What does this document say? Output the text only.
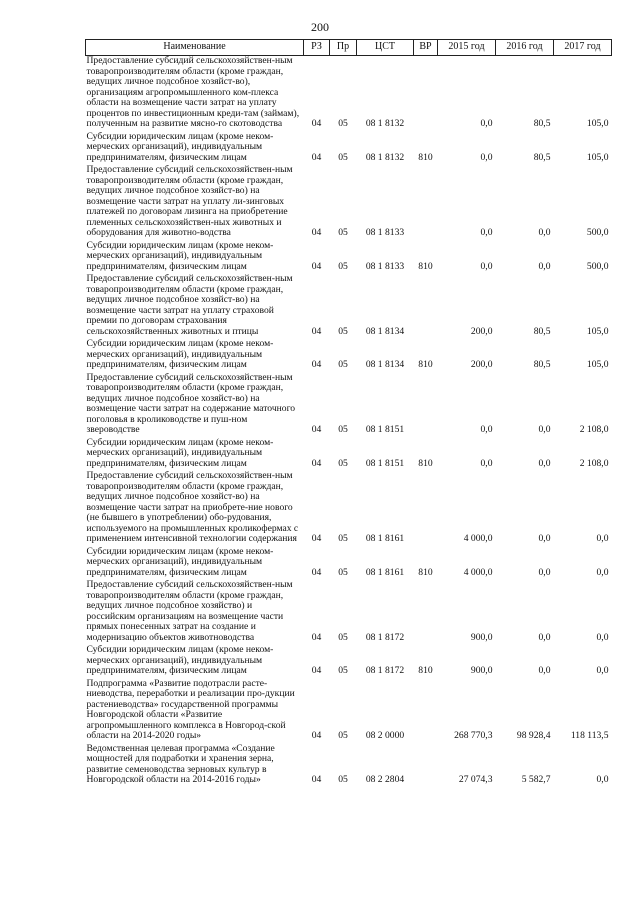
200
Наименование	РЗ	Пр	ЦСТ	ВР	2015 год	2016 год	2017 год
Предоставление субсидий сельскохозяйствен-ным товаропроизводителям области (кроме граждан, ведущих личное подсобное хозяйст-во), организациям агропромышленного ком-плекса области на возмещение части затрат на уплату процентов по инвестиционным креди-там (займам), полученным на развитие мясно-го скотоводства	04	05	08 1 8132		0,0	80,5	105,0
Субсидии юридическим лицам (кроме неком-мерческих организаций), индивидуальным предпринимателям, физическим лицам	04	05	08 1 8132	810	0,0	80,5	105,0
Предоставление субсидий сельскохозяйствен-ным товаропроизводителям области (кроме граждан, ведущих личное подсобное хозяйст-во) на возмещение части затрат на уплату ли-зинговых платежей по договорам лизинга на приобретение племенных сельскохозяйствен-ных животных и оборудования для животно-водства	04	05	08 1 8133		0,0	0,0	500,0
Субсидии юридическим лицам (кроме неком-мерческих организаций), индивидуальным предпринимателям, физическим лицам	04	05	08 1 8133	810	0,0	0,0	500,0
Предоставление субсидий сельскохозяйствен-ным товаропроизводителям области (кроме граждан, ведущих личное подсобное хозяйст-во) на возмещение части затрат на уплату страховой премии по договорам страхования сельскохозяйственных животных и птицы	04	05	08 1 8134		200,0	80,5	105,0
Субсидии юридическим лицам (кроме неком-мерческих организаций), индивидуальным предпринимателям, физическим лицам	04	05	08 1 8134	810	200,0	80,5	105,0
Предоставление субсидий сельскохозяйствен-ным товаропроизводителям области (кроме граждан, ведущих личное подсобное хозяйст-во) на возмещение части затрат на содержание маточного поголовья в кролиководстве и пуш-ном звероводстве	04	05	08 1 8151		0,0	0,0	2 108,0
Субсидии юридическим лицам (кроме неком-мерческих организаций), индивидуальным предпринимателям, физическим лицам	04	05	08 1 8151	810	0,0	0,0	2 108,0
Предоставление субсидий сельскохозяйствен-ным товаропроизводителям области (кроме граждан, ведущих личное подсобное хозяйст-во) на возмещение части затрат на приобрете-ние нового (не бывшего в употреблении) обо-рудования, используемого на промышленных кроликофермах с применением интенсивной технологии содержания	04	05	08 1 8161		4 000,0	0,0	0,0
Субсидии юридическим лицам (кроме неком-мерческих организаций), индивидуальным предпринимателям, физическим лицам	04	05	08 1 8161	810	4 000,0	0,0	0,0
Предоставление субсидий сельскохозяйствен-ным товаропроизводителям области (кроме граждан, ведущих личное подсобное хозяйство) и российским организациям на возмещение части прямых понесенных затрат на создание и модернизацию объектов животноводства	04	05	08 1 8172		900,0	0,0	0,0
Субсидии юридическим лицам (кроме неком-мерческих организаций), индивидуальным предпринимателям, физическим лицам	04	05	08 1 8172	810	900,0	0,0	0,0
Подпрограмма «Развитие подотрасли расте-ниеводства, переработки и реализации про-дукции растениеводства» государственной программы Новгородской области «Развитие агропромышленного комплекса в Новгород-ской области на 2014-2020 годы»	04	05	08 2 0000		268 770,3	98 928,4	118 113,5
Ведомственная целевая программа «Создание мощностей для подработки и хранения зерна, развитие семеноводства зерновых культур в Новгородской области на 2014-2016 годы»	04	05	08 2 2804		27 074,3	5 582,7	0,0
